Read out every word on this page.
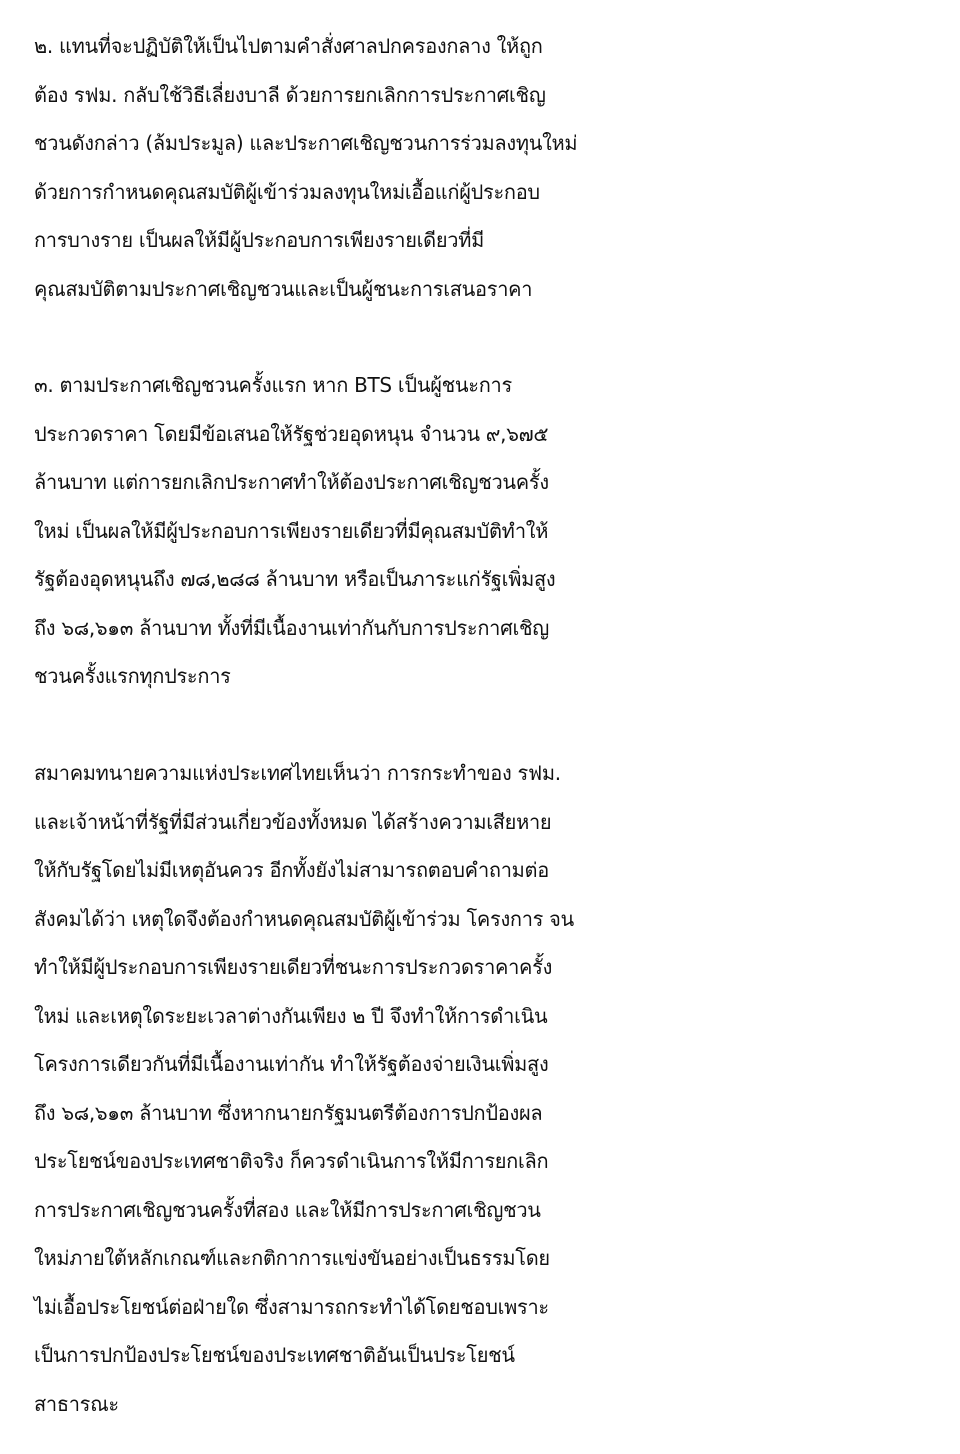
๒. แทนที่จะปฏิบัติให้เป็นไปตามคำสั่งศาลปกครองกลาง ให้ถูก
ต้อง รฟม. กลับใช้วิธีเลี่ยงบาลี ด้วยการยกเลิกการประกาศเชิญ
ชวนดังกล่าว (ล้มประมูล) และประกาศเชิญชวนการร่วมลงทุนใหม่
ด้วยการกำหนดคุณสมบัติผู้เข้าร่วมลงทุนใหม่เอื้อแก่ผู้ประกอบ
การบางราย เป็นผลให้มีผู้ประกอบการเพียงรายเดียวที่มี
คุณสมบัติตามประกาศเชิญชวนและเป็นผู้ชนะการเสนอราคา
๓. ตามประกาศเชิญชวนครั้งแรก หาก BTS เป็นผู้ชนะการ
ประกวดราคา โดยมีข้อเสนอให้รัฐช่วยอุดหนุน จำนวน ๙,๖๗๕
ล้านบาท แต่การยกเลิกประกาศทำให้ต้องประกาศเชิญชวนครั้ง
ใหม่ เป็นผลให้มีผู้ประกอบการเพียงรายเดียวที่มีคุณสมบัติทำให้
รัฐต้องอุดหนุนถึง ๗๘,๒๘๘ ล้านบาท หรือเป็นภาระแก่รัฐเพิ่มสูง
ถึง ๖๘,๖๑๓ ล้านบาท ทั้งที่มีเนื้องานเท่ากันกับการประกาศเชิญ
ชวนครั้งแรกทุกประการ
สมาคมทนายความแห่งประเทศไทยเห็นว่า การกระทำของ รฟม.
และเจ้าหน้าที่รัฐที่มีส่วนเกี่ยวข้องทั้งหมด ได้สร้างความเสียหาย
ให้กับรัฐโดยไม่มีเหตุอันควร อีกทั้งยังไม่สามารถตอบคำถามต่อ
สังคมได้ว่า เหตุใดจึงต้องกำหนดคุณสมบัติผู้เข้าร่วม โครงการ จน
ทำให้มีผู้ประกอบการเพียงรายเดียวที่ชนะการประกวดราคาครั้ง
ใหม่ และเหตุใดระยะเวลาต่างกันเพียง ๒ ปี จึงทำให้การดำเนิน
โครงการเดียวกันที่มีเนื้องานเท่ากัน ทำให้รัฐต้องจ่ายเงินเพิ่มสูง
ถึง ๖๘,๖๑๓ ล้านบาท ซึ่งหากนายกรัฐมนตรีต้องการปกป้องผล
ประโยชน์ของประเทศชาติจริง ก็ควรดำเนินการให้มีการยกเลิก
การประกาศเชิญชวนครั้งที่สอง และให้มีการประกาศเชิญชวน
ใหม่ภายใต้หลักเกณฑ์และกติกาการแข่งขันอย่างเป็นธรรมโดย
ไม่เอื้อประโยชน์ต่อฝ่ายใด ซึ่งสามารถกระทำได้โดยชอบเพราะ
เป็นการปกป้องประโยชน์ของประเทศชาติอันเป็นประโยชน์
สาธารณะ
